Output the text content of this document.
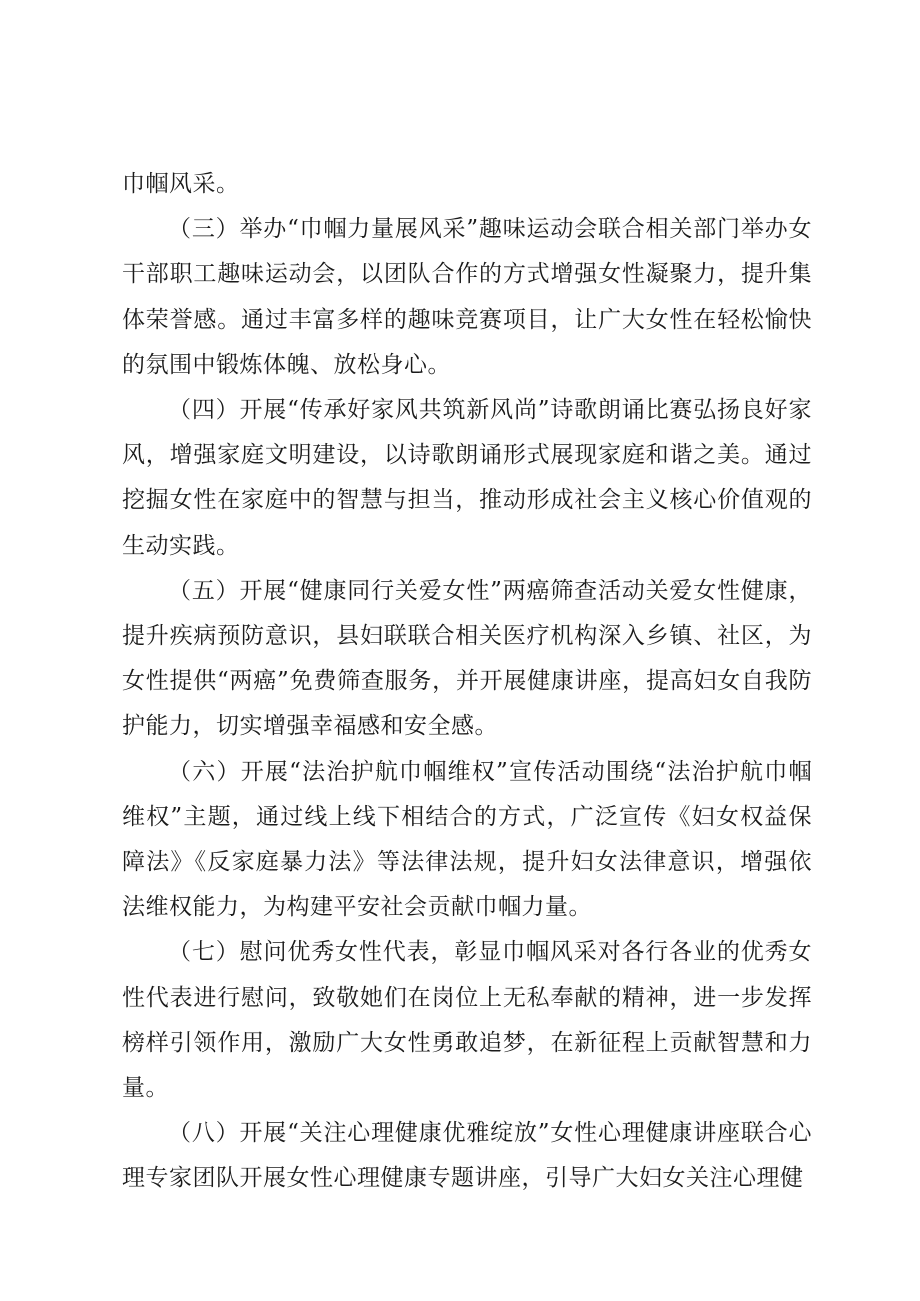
巾帼风采。

（三）举办“巾帼力量展风采”趣味运动会联合相关部门举办女干部职工趣味运动会，以团队合作的方式增强女性凝聚力，提升集体荣誉感。通过丰富多样的趣味竞赛项目，让广大女性在轻松愉快的氛围中锻炼体魄、放松身心。

（四）开展“传承好家风共筑新风尚”诗歌朗诵比赛弘扬良好家风，增强家庭文明建设，以诗歌朗诵形式展现家庭和谐之美。通过挖掘女性在家庭中的智慧与担当，推动形成社会主义核心价值观的生动实践。

（五）开展“健康同行关爱女性”两癌筛查活动关爱女性健康，提升疾病预防意识，县妇联联合相关医疗机构深入乡镇、社区，为女性提供“两癌”免费筛查服务，并开展健康讲座，提高妇女自我防护能力，切实增强幸福感和安全感。

（六）开展“法治护航巾帼维权”宣传活动围绕“法治护航巾帼维权”主题，通过线上线下相结合的方式，广泛宣传《妇女权益保障法》《反家庭暴力法》等法律法规，提升妇女法律意识，增强依法维权能力，为构建平安社会贡献巾帼力量。

（七）慰问优秀女性代表，彰显巾帼风采对各行各业的优秀女性代表进行慰问，致敬她们在岗位上无私奉献的精神，进一步发挥榜样引领作用，激励广大女性勇敢追梦，在新征程上贡献智慧和力量。

（八）开展“关注心理健康优雅绽放”女性心理健康讲座联合心理专家团队开展女性心理健康专题讲座，引导广大妇女关注心理健
